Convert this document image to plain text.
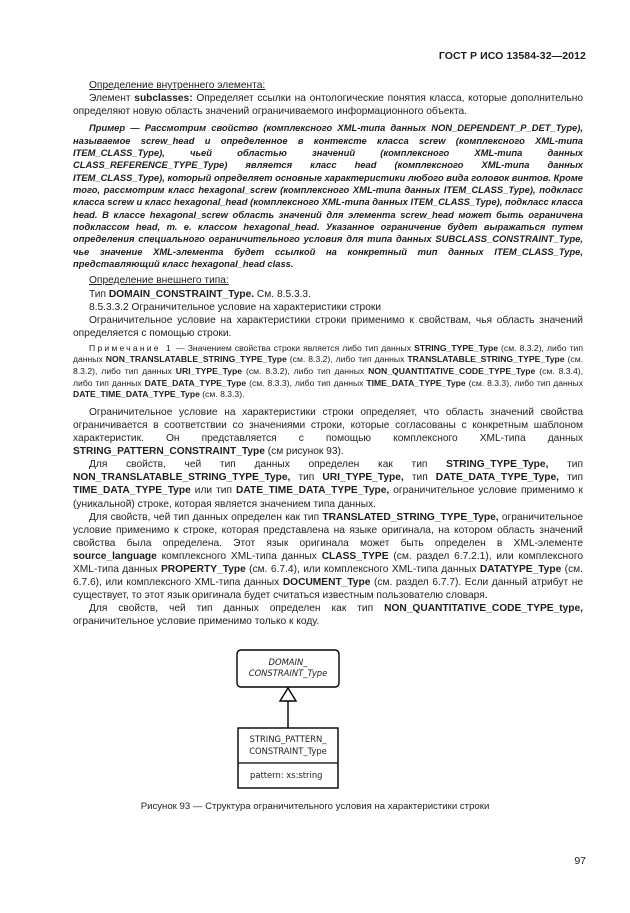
ГОСТ Р ИСО 13584-32—2012

Определение внутреннего элемента:

Элемент subclasses: Определяет ссылки на онтологические понятия класса, которые дополнительно определяют новую область значений ограничиваемого информационного объекта.

Пример — Рассмотрим свойство (комплексного XML-типа данных NON_DEPENDENT_P_DET_Type), называемое screw_head и определенное в контексте класса screw (комплексного XML-типа ITEM_CLASS_Type), чьей областью значений (комплексного XML-типа данных CLASS_REFERENCE_TYPE_Type) является класс head (комплексного XML-типа данных ITEM_CLASS_Type), который определяет основные характеристики любого вида головок винтов. Кроме того, рассмотрим класс hexagonal_screw (комплексного XML-типа данных ITEM_CLASS_Type), подкласс класса screw и класс hexagonal_head (комплексного XML-типа данных ITEM_CLASS_Type), подкласс класса head. В классе hexagonal_screw область значений для элемента screw_head может быть ограничена подклассом head, т. е. классом hexagonal_head. Указанное ограничение будет выражаться путем определения специального ограничительного условия для типа данных SUBCLASS_CONSTRAINT_Type, чье значение XML-элемента будет ссылкой на конкретный тип данных ITEM_CLASS_Type, представляющий класс hexagonal_head class.

Определение внешнего типа:

Тип DOMAIN_CONSTRAINT_Type. См. 8.5.3.3.

8.5.3.3.2 Ограничительное условие на характеристики строки

Ограничительное условие на характеристики строки применимо к свойствам, чья область значений определяется с помощью строки.

Примечание 1 — Значением свойства строки является либо тип данных STRING_TYPE_Type (см. 8.3.2), либо тип данных NON_TRANSLATABLE_STRING_TYPE_Type (см. 8.3.2), либо тип данных TRANSLATABLE_STRING_TYPE_Type (см. 8.3.2), либо тип данных URI_TYPE_Type (см. 8.3.2), либо тип данных NON_QUANTITATIVE_CODE_TYPE_Type (см. 8.3.4), либо тип данных DATE_DATA_TYPE_Type (см. 8.3.3), либо тип данных TIME_DATA_TYPE_Type (см. 8.3.3), либо тип данных DATE_TIME_DATA_TYPE_Type (см. 8.3.3).

Ограничительное условие на характеристики строки определяет, что область значений свойства ограничивается в соответствии со значениями строки, которые согласованы с конкретным шаблоном характеристик. Он представляется с помощью комплексного XML-типа данных STRING_PATTERN_CONSTRAINT_Type (см рисунок 93).

Для свойств, чей тип данных определен как тип STRING_TYPE_Type, тип NON_TRANSLATABLE_STRING_TYPE_Type, тип URI_TYPE_Type, тип DATE_DATA_TYPE_Type, тип TIME_DATA_TYPE_Type или тип DATE_TIME_DATA_TYPE_Type, ограничительное условие применимо к (уникальной) строке, которая является значением типа данных.

Для свойств, чей тип данных определен как тип TRANSLATED_STRING_TYPE_Type, ограничительное условие применимо к строке, которая представлена на языке оригинала, на котором область значений свойства была определена. Этот язык оригинала может быть определен в XML-элементе source_language комплексного XML-типа данных CLASS_TYPE (см. раздел 6.7.2.1), или комплексного XML-типа данных PROPERTY_Type (см. 6.7.4), или комплексного XML-типа данных DATATYPE_Type (см. 6.7.6), или комплексного XML-типа данных DOCUMENT_Type (см. раздел 6.7.7). Если данный атрибут не существует, то этот язык оригинала будет считаться известным пользователю словаря.

Для свойств, чей тип данных определен как тип NON_QUANTITATIVE_CODE_TYPE_type, ограничительное условие применимо только к коду.

DOMAIN_
CONSTRAINT_Type
STRING_PATTERN_
CONSTRAINT_Type
pattern: xs:string
Рисунок 93 — Структура ограничительного условия на характеристики строки
97
